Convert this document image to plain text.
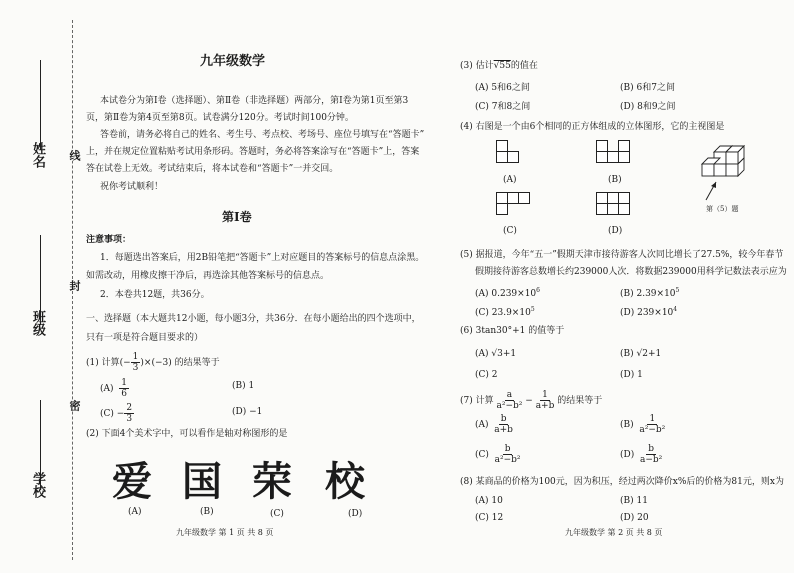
姓名
班级
学校
线
封
密
九年级数学
本试卷分为第Ⅰ卷（选择题）、第Ⅱ卷（非选择题）两部分，第Ⅰ卷为第1页至第3
页，第Ⅱ卷为第4页至第8页。试卷满分120分。考试时间100分钟。
答卷前，请务必将自己的姓名、考生号、考点校、考场号、座位号填写在“答题卡”
上，并在规定位置粘贴考试用条形码。答题时，务必将答案涂写在“答题卡”上，答案
答在试卷上无效。考试结束后，将本试卷和“答题卡”一并交回。
祝你考试顺利！
第Ⅰ卷
注意事项：
1．每题选出答案后，用2B铅笔把“答题卡”上对应题目的答案标号的信息点涂黑。
如需改动，用橡皮擦干净后，再选涂其他答案标号的信息点。
2．本卷共12题，共36分。
一、选择题（本大题共12小题，每小题3分，共36分．在每小题给出的四个选项中，
只有一项是符合题目要求的）
(1) 计算(− $\frac{1}{3} )\times(-3)$ 的结果等于
$(A) \frac{1}{6}$	(B) 1
$(C) - \frac{2}{3}$	(D) −1
(2) 下面4个美术字中，可以看作是轴对称图形的是
爱 国 荣 校
(A)	(B)	(C)	(D)
九年级数学 第 1 页 共 8 页
(3) 估计√55的值在
(A) 5和6之间	(B) 6和7之间
(C) 7和8之间	(D) 8和9之间
(4) 右图是一个由6个相同的正方体组成的立体图形，它的主视图是
(A)	(B)
(C)	(D)
第（5）题
(5) 据报道，今年“五一”假期天津市接待游客人次同比增长了27.5%，较今年春节
假期接待游客总数增长约239000人次．将数据239000用科学记数法表示应为
(A) $0.239\times 10^6$	(B) $2.39\times 10^5$
(C) $23.9\times 10^5$	(D) $239\times 10^4$
(6) 3tan30°+1 的值等于
(A) √3+1	(B) √2+1
(C) 2	(D) 1
(7) 计算 $\frac{a}{\text{a²−b²}} - \frac{1}{a+b}$ 的结果等于
$(A) \frac{b}{a+b}$	$(B) \frac{1}{\text{a²−b²}}$
$(C) \frac{b}{\text{a²−b²}}$	$(D) \frac{b}{\text{a−b²}}$
(8) 某商品的价格为100元，因为积压，经过两次降价x%后的价格为81元，则x为
(A) 10	(B) 11
(C) 12	(D) 20
九年级数学 第 2 页 共 8 页
